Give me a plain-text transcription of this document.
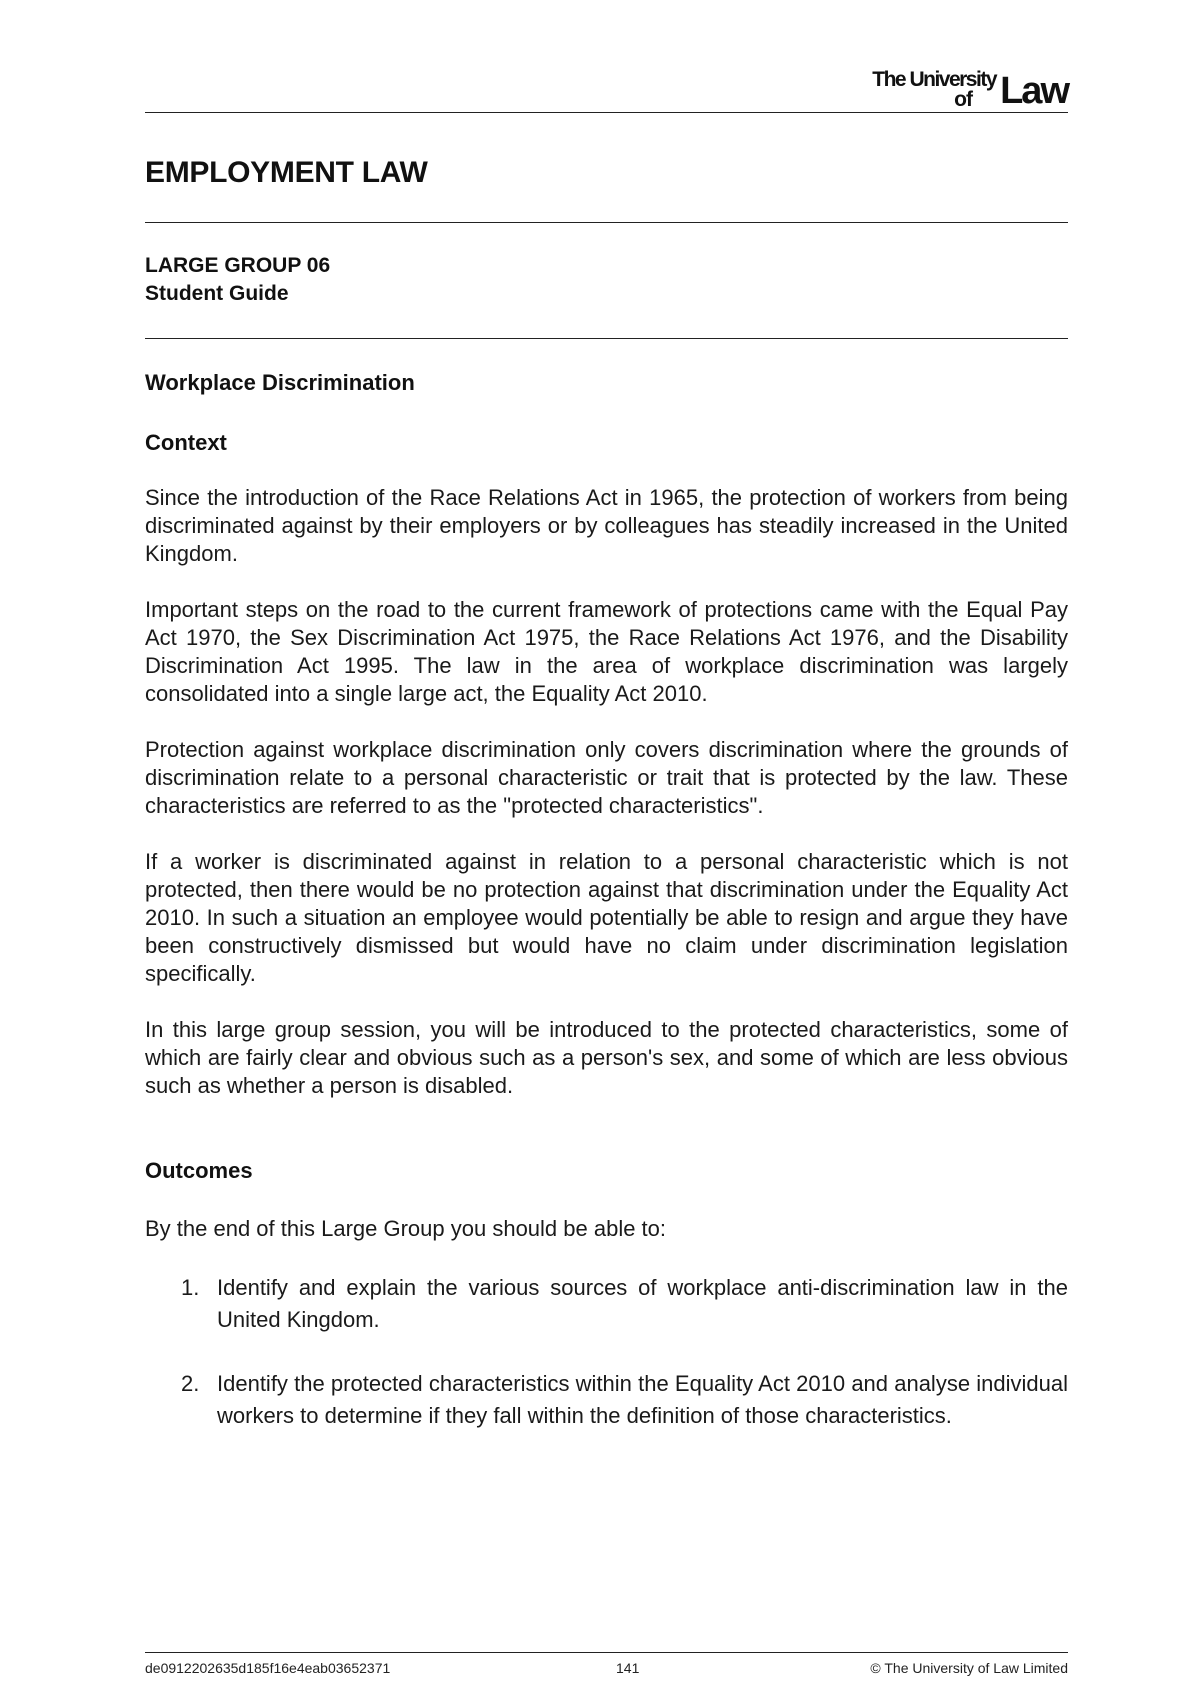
The University
of Law
EMPLOYMENT LAW
LARGE GROUP 06
Student Guide
Workplace Discrimination
Context

Since the introduction of the Race Relations Act in 1965, the protection of workers from being discriminated against by their employers or by colleagues has steadily increased in the United Kingdom.

Important steps on the road to the current framework of protections came with the Equal Pay Act 1970, the Sex Discrimination Act 1975, the Race Relations Act 1976, and the Disability Discrimination Act 1995. The law in the area of workplace discrimination was largely consolidated into a single large act, the Equality Act 2010.

Protection against workplace discrimination only covers discrimination where the grounds of discrimination relate to a personal characteristic or trait that is protected by the law. These characteristics are referred to as the "protected characteristics".

If a worker is discriminated against in relation to a personal characteristic which is not protected, then there would be no protection against that discrimination under the Equality Act 2010. In such a situation an employee would potentially be able to resign and argue they have been constructively dismissed but would have no claim under discrimination legislation specifically.

In this large group session, you will be introduced to the protected characteristics, some of which are fairly clear and obvious such as a person's sex, and some of which are less obvious such as whether a person is disabled.

Outcomes

By the end of this Large Group you should be able to:

1. Identify and explain the various sources of workplace anti-discrimination law in the United Kingdom.
2. Identify the protected characteristics within the Equality Act 2010 and analyse individual workers to determine if they fall within the definition of those characteristics.
de0912202635d185f16e4eab03652371	141	© The University of Law Limited
